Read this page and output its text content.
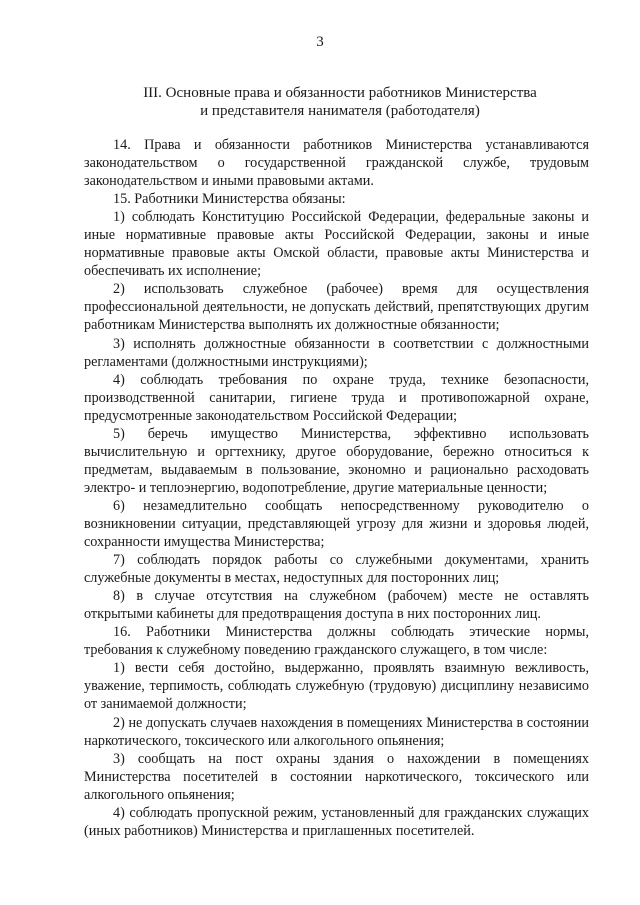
3
III. Основные права и обязанности работников Министерства
и представителя нанимателя (работодателя)

14. Права и обязанности работников Министерства устанавливаются законодательством о государственной гражданской службе, трудовым законодательством и иными правовыми актами.

15. Работники Министерства обязаны:

1) соблюдать Конституцию Российской Федерации, федеральные законы и иные нормативные правовые акты Российской Федерации, законы и иные нормативные правовые акты Омской области, правовые акты Министерства и обеспечивать их исполнение;

2) использовать служебное (рабочее) время для осуществления профессиональной деятельности, не допускать действий, препятствующих другим работникам Министерства выполнять их должностные обязанности;

3) исполнять должностные обязанности в соответствии с должностными регламентами (должностными инструкциями);

4) соблюдать требования по охране труда, технике безопасности, производственной санитарии, гигиене труда и противопожарной охране, предусмотренные законодательством Российской Федерации;

5) беречь имущество Министерства, эффективно использовать вычислительную и оргтехнику, другое оборудование, бережно относиться к предметам, выдаваемым в пользование, экономно и рационально расходовать электро- и теплоэнергию, водопотребление, другие материальные ценности;

6) незамедлительно сообщать непосредственному руководителю о возникновении ситуации, представляющей угрозу для жизни и здоровья людей, сохранности имущества Министерства;

7) соблюдать порядок работы со служебными документами, хранить служебные документы в местах, недоступных для посторонних лиц;

8) в случае отсутствия на служебном (рабочем) месте не оставлять открытыми кабинеты для предотвращения доступа в них посторонних лиц.

16. Работники Министерства должны соблюдать этические нормы, требования к служебному поведению гражданского служащего, в том числе:

1) вести себя достойно, выдержанно, проявлять взаимную вежливость, уважение, терпимость, соблюдать служебную (трудовую) дисциплину независимо от занимаемой должности;

2) не допускать случаев нахождения в помещениях Министерства в состоянии наркотического, токсического или алкогольного опьянения;

3) сообщать на пост охраны здания о нахождении в помещениях Министерства посетителей в состоянии наркотического, токсического или алкогольного опьянения;

4) соблюдать пропускной режим, установленный для гражданских служащих (иных работников) Министерства и приглашенных посетителей.
